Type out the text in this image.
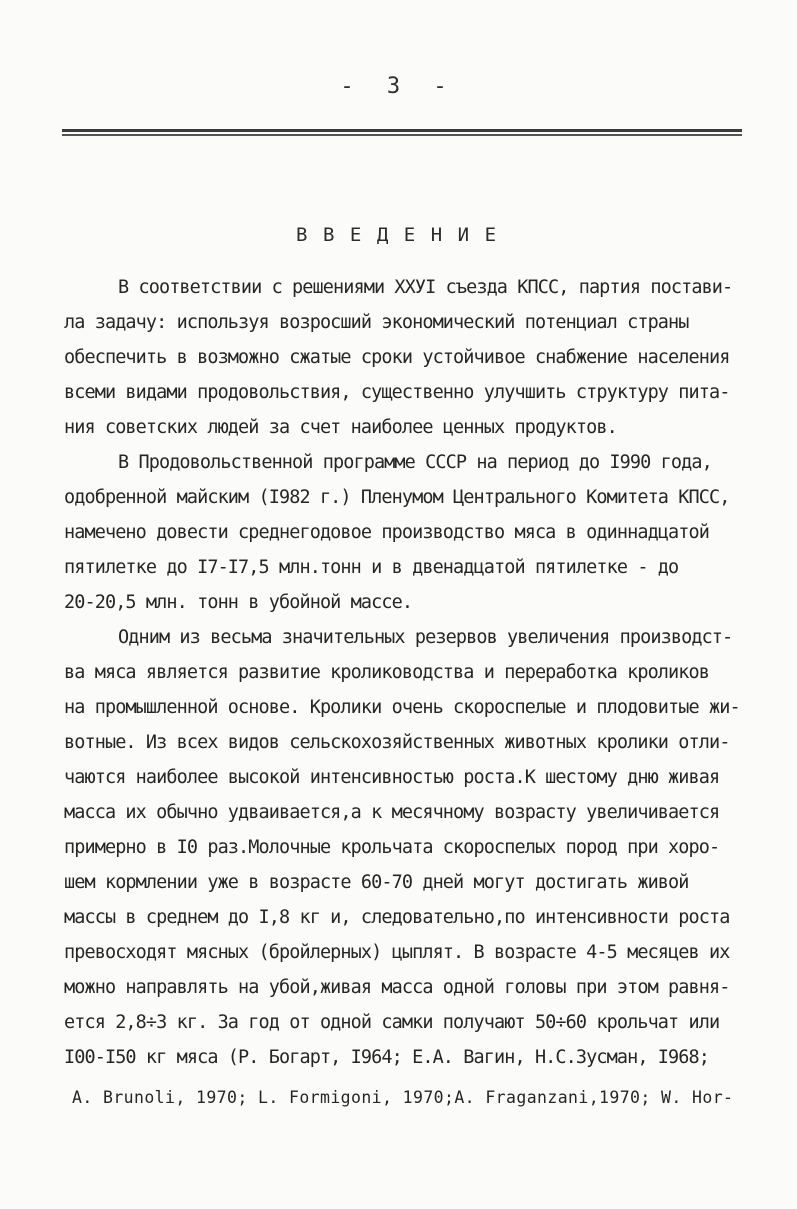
- 3 -
ВВЕДЕНИЕ
В соответствии с решениями ХХУI съезда КПСС, партия постави-
ла задачу: используя возросший экономический потенциал страны
обеспечить в возможно сжатые сроки устойчивое снабжение населения
всеми видами продовольствия, существенно улучшить структуру пита-
ния советских людей за счет наиболее ценных продуктов.
В Продовольственной программе СССР на период до I990 года,
одобренной майским (I982 г.) Пленумом Центрального Комитета КПСС,
намечено довести среднегодовое производство мяса в одиннадцатой
пятилетке до I7-I7,5 млн.тонн и в двенадцатой пятилетке - до
20-20,5 млн. тонн в убойной массе.
Одним из весьма значительных резервов увеличения производст-
ва мяса является развитие кролиководства и переработка кроликов
на промышленной основе. Кролики очень скороспелые и плодовитые жи-
вотные. Из всех видов сельскохозяйственных животных кролики отли-
чаются наиболее высокой интенсивностью роста.К шестому дню живая
масса их обычно удваивается,а к месячному возрасту увеличивается
примерно в I0 раз.Молочные крольчата скороспелых пород при хоро-
шем кормлении уже в возрасте 60-70 дней могут достигать живой
массы в среднем до I,8 кг и, следовательно,по интенсивности роста
превосходят мясных (бройлерных) цыплят. В возрасте 4-5 месяцев их
можно направлять на убой,живая масса одной головы при этом равня-
ется 2,8÷3 кг. За год от одной самки получают 50÷60 крольчат или
I00-I50 кг мяса (Р. Богарт, I964; Е.А. Вагин, Н.С.Зусман, I968;
A. Brunoli, 1970; L. Formigoni, 1970;A. Fraganzani,1970; W. Hor-
